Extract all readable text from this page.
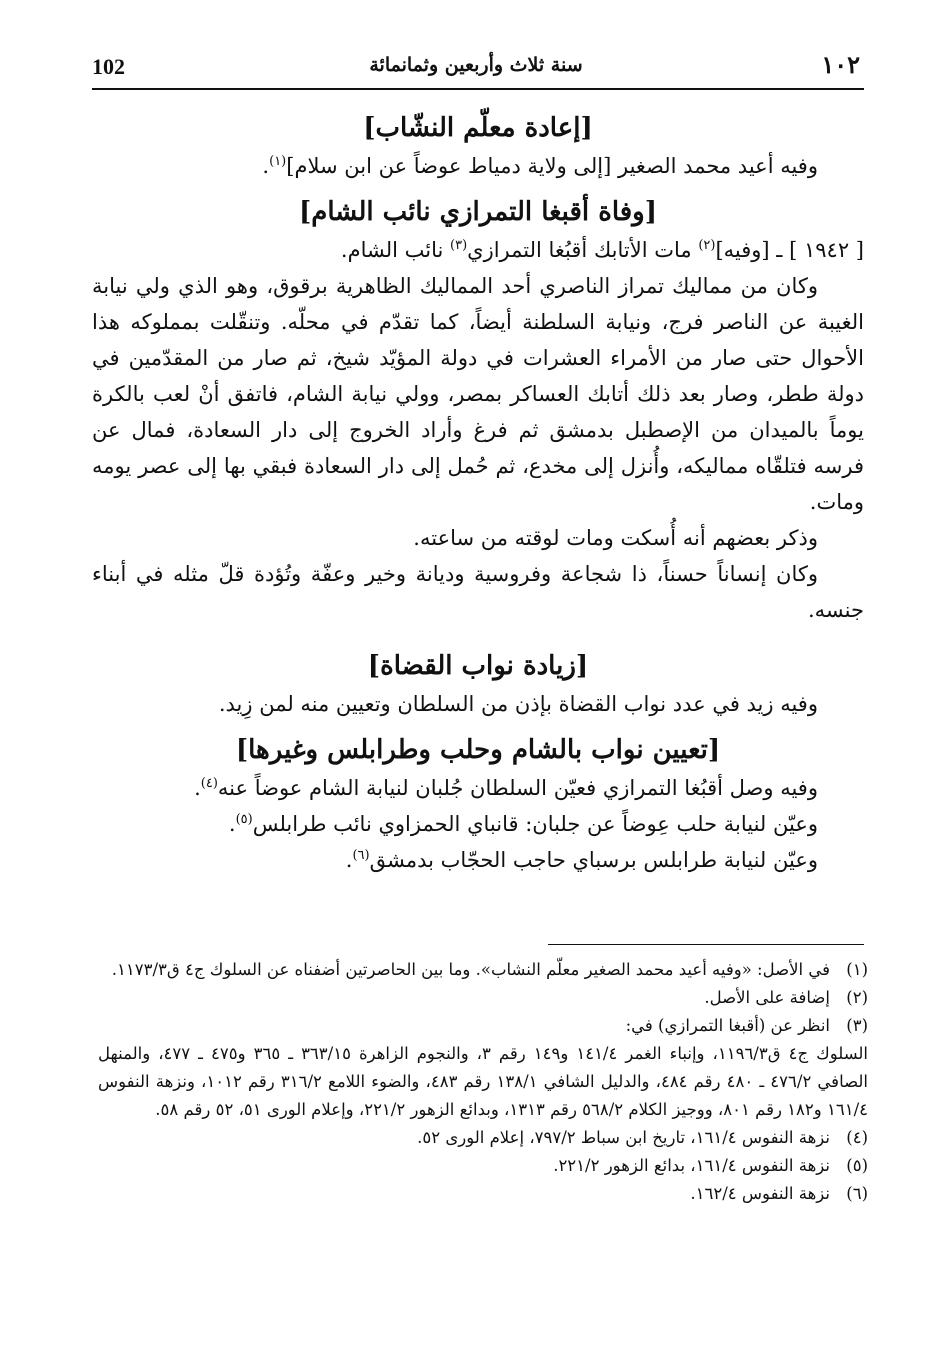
102	سنة ثلاث وأربعين وثمانمائة	١٠٢
[إعادة معلّم النشّاب]

وفيه أعيد محمد الصغير [إلى ولاية دمياط عوضاً عن ابن سلام]$^{(١)}$.

[وفاة أقبغا التمرازي نائب الشام]

[ ١٩٤٢ ] ـ [وفيه]$^{(٢)}$ مات الأتابك أقبُغا التمرازي$^{(٣)}$ نائب الشام.

وكان من مماليك تمراز الناصري أحد المماليك الظاهرية برقوق، وهو الذي ولي نيابة الغيبة عن الناصر فرج، ونيابة السلطنة أيضاً، كما تقدّم في محلّه. وتنقّلت بمملوكه هذا الأحوال حتى صار من الأمراء العشرات في دولة المؤيّد شيخ، ثم صار من المقدّمين في دولة ططر، وصار بعد ذلك أتابك العساكر بمصر، وولي نيابة الشام، فاتفق أنْ لعب بالكرة يوماً بالميدان من الإصطبل بدمشق ثم فرغ وأراد الخروج إلى دار السعادة، فمال عن فرسه فتلقّاه مماليكه، وأُنزل إلى مخدع، ثم حُمل إلى دار السعادة فبقي بها إلى عصر يومه ومات.

وذكر بعضهم أنه أُسكت ومات لوقته من ساعته.

وكان إنساناً حسناً، ذا شجاعة وفروسية وديانة وخير وعفّة وتُؤدة قلّ مثله في أبناء جنسه.

[زيادة نواب القضاة]

وفيه زيد في عدد نواب القضاة بإذن من السلطان وتعيين منه لمن زِيد.

[تعيين نواب بالشام وحلب وطرابلس وغيرها]

وفيه وصل أقبُغا التمرازي فعيّن السلطان جُلبان لنيابة الشام عوضاً عنه$^{(٤)}$.

وعيّن لنيابة حلب عِوضاً عن جلبان: قانباي الحمزاوي نائب طرابلس$^{(٥)}$.

وعيّن لنيابة طرابلس برسباي حاجب الحجّاب بدمشق$^{(٦)}$.

(١)
في الأصل: «وفيه أعيد محمد الصغير معلّم النشاب». وما بين الحاصرتين أضفناه عن السلوك ج٤ ق١١٧٣/٣.
(٢)
إضافة على الأصل.
(٣)
انظر عن (أقبغا التمرازي) في:
السلوك ج٤ ق١١٩٦/٣، وإنباء الغمر ١٤١/٤ و١٤٩ رقم ٣، والنجوم الزاهرة ٣٦٣/١٥ ـ ٣٦٥ و٤٧٥ ـ ٤٧٧، والمنهل الصافي ٤٧٦/٢ ـ ٤٨٠ رقم ٤٨٤، والدليل الشافي ١٣٨/١ رقم ٤٨٣، والضوء اللامع ٣١٦/٢ رقم ١٠١٢، ونزهة النفوس ١٦١/٤ و١٨٢ رقم ٨٠١، ووجيز الكلام ٥٦٨/٢ رقم ١٣١٣، وبدائع الزهور ٢٢١/٢، وإعلام الورى ٥١، ٥٢ رقم ٥٨.
(٤)
نزهة النفوس ١٦١/٤، تاريخ ابن سباط ٧٩٧/٢، إعلام الورى ٥٢.
(٥)
نزهة النفوس ١٦١/٤، بدائع الزهور ٢٢١/٢.
(٦)
نزهة النفوس ١٦٢/٤.
